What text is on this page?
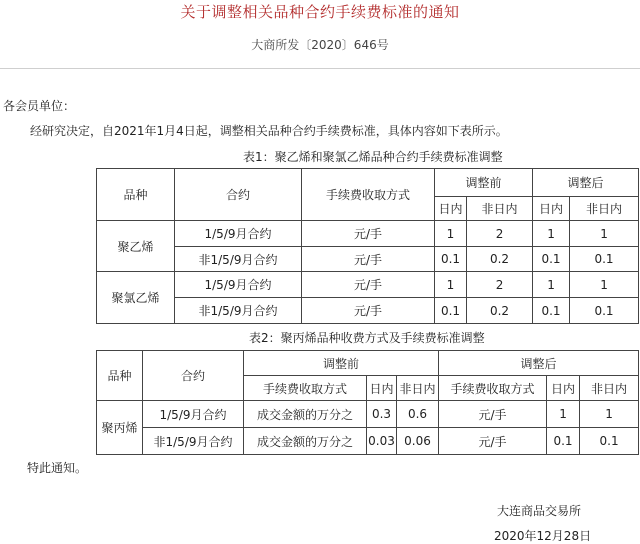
关于调整相关品种合约手续费标准的通知
大商所发〔2020〕646号
各会员单位：
经研究决定，自2021年1月4日起，调整相关品种合约手续费标准，具体内容如下表所示。
表1：聚乙烯和聚氯乙烯品种合约手续费标准调整
品种	合约	手续费收取方式	调整前		调整后	
			日内	非日内	日内	非日内
聚乙烯	1/5/9月合约	元/手	1	2	1	1
	非1/5/9月合约	元/手	0.1	0.2	0.1	0.1
聚氯乙烯	1/5/9月合约	元/手	1	2	1	1
	非1/5/9月合约	元/手	0.1	0.2	0.1	0.1
表2：聚丙烯品种收费方式及手续费标准调整
品种	合约	调整前			调整后		
		手续费收取方式	日内	非日内	手续费收取方式	日内	非日内
聚丙烯	1/5/9月合约	成交金额的万分之	0.3	0.6	元/手	1	1
	非1/5/9月合约	成交金额的万分之	0.03	0.06	元/手	0.1	0.1
特此通知。
大连商品交易所
2020年12月28日
